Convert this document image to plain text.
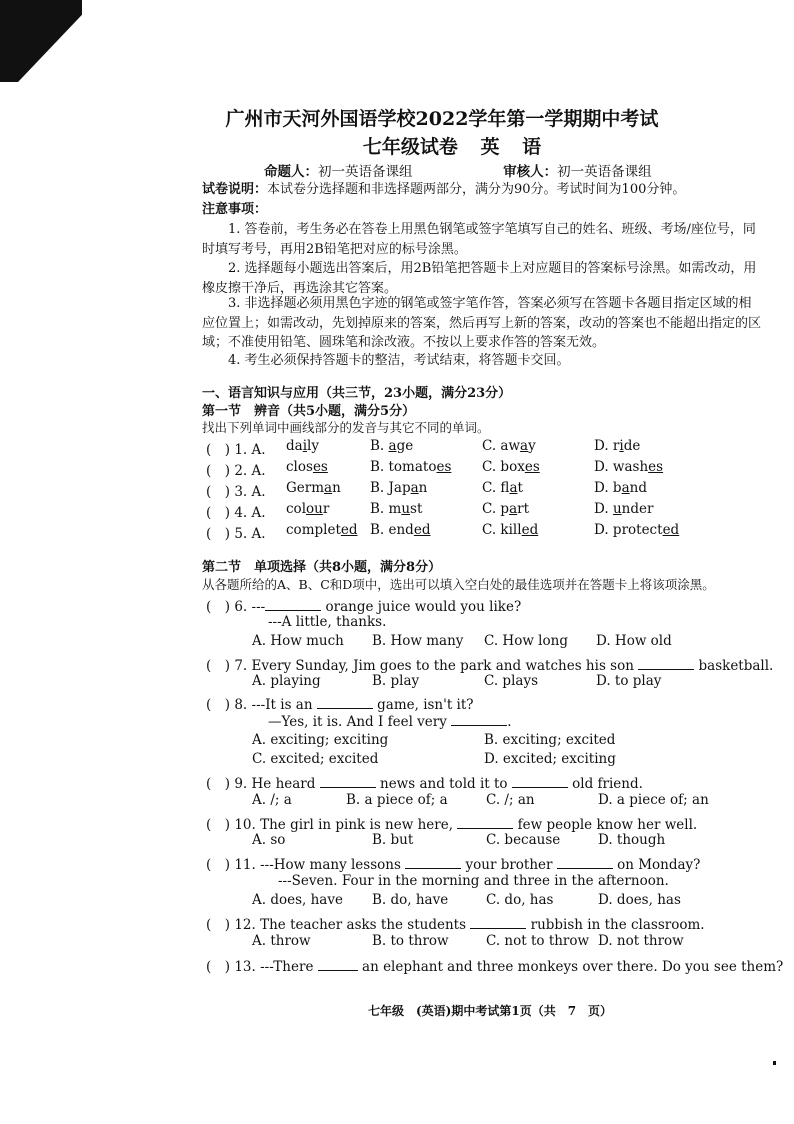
广州市天河外国语学校2022学年第一学期期中考试
七年级试卷 英 语
命题人：初一英语备课组	审核人：初一英语备课组
试卷说明：本试卷分选择题和非选择题两部分，满分为90分。考试时间为100分钟。
注意事项：
1. 答卷前，考生务必在答卷上用黑色钢笔或签字笔填写自己的姓名、班级、考场/座位号，同时填写考号，再用2B铅笔把对应的标号涂黑。
2. 选择题每小题选出答案后，用2B铅笔把答题卡上对应题目的答案标号涂黑。如需改动，用橡皮擦干净后，再选涂其它答案。
3. 非选择题必须用黑色字迹的钢笔或签字笔作答，答案必须写在答题卡各题目指定区域的相应位置上；如需改动，先划掉原来的答案，然后再写上新的答案，改动的答案也不能超出指定的区域；不准使用铅笔、圆珠笔和涂改液。不按以上要求作答的答案无效。
4. 考生必须保持答题卡的整洁，考试结束，将答题卡交回。
一、语言知识与应用（共三节，23小题，满分23分）
第一节　辨音（共5小题，满分5分）
找出下列单词中画线部分的发音与其它不同的单词。
(　) 1. A. daily	B. age	C. away	D. ride
(　) 2. A. closes	B. tomatoes C. boxes	D. washes
(　) 3. A. German B. Japan	C. flat	D. band
(　) 4. A. colour	B. must	C. part	D. under
(　) 5. A. completed B. ended	C. killed	D. protected
第二节　单项选择（共8小题，满分8分）
从各题所给的A、B、C和D项中，选出可以填入空白处的最佳选项并在答题卡上将该项涂黑。
(　) 6. ---	orange juice would you like?
---A little, thanks.
A. How much B. How many C. How long D. How old
(　) 7. Every Sunday, Jim goes to the park and watches his son	basketball.
A. playing	B. play	C. plays	D. to play
(　) 8. ---It is an	game, isn't it?
—Yes, it is. And I feel very	.
A. exciting; exciting	B. exciting; excited
C. excited; excited	D. excited; exciting
(　) 9. He heard	news and told it to	old friend.
A. /; a	B. a piece of; a	C. /; an	D. a piece of; an
(　) 10. The girl in pink is new here,	few people know her well.
A. so	B. but	C. because	D. though
(　) 11. ---How many lessons	your brother	on Monday?
---Seven. Four in the morning and three in the afternoon.
A. does, have B. do, have	C. do, has	D. does, has
(　) 12. The teacher asks the students	rubbish in the classroom.
A. throw	B. to throw	C. not to throw D. not throw
(　) 13. ---There	an elephant and three monkeys over there. Do you see them?
七年级　(英语)期中考试第1页（共　7　页）
